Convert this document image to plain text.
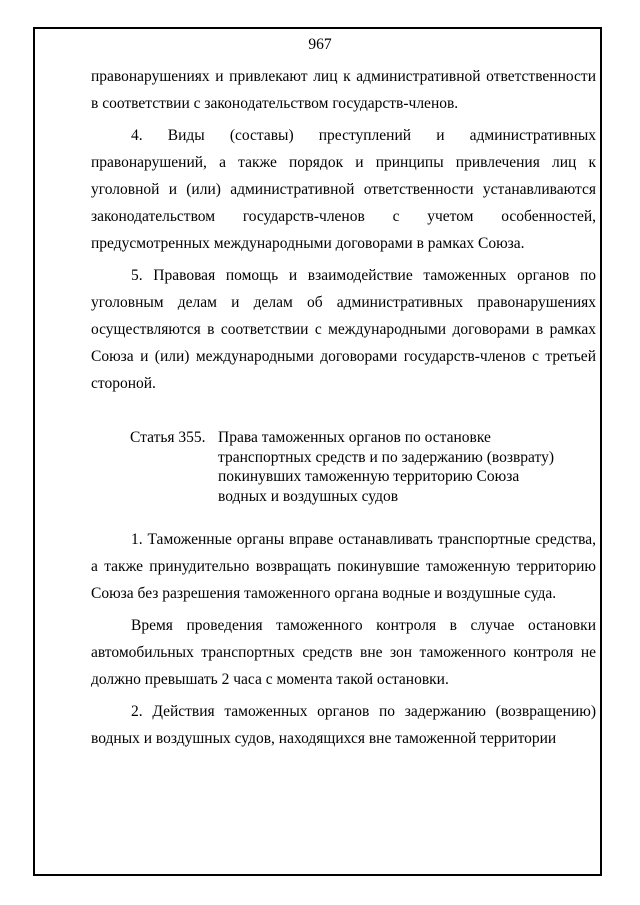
967

правонарушениях и привлекают лиц к административной ответственности в соответствии с законодательством государств-членов.

4. Виды (составы) преступлений и административных правонарушений, а также порядок и принципы привлечения лиц к уголовной и (или) административной ответственности устанавливаются законодательством государств-членов с учетом особенностей, предусмотренных международными договорами в рамках Союза.

5. Правовая помощь и взаимодействие таможенных органов по уголовным делам и делам об административных правонарушениях осуществляются в соответствии с международными договорами в рамках Союза и (или) международными договорами государств-членов с третьей стороной.

Статья 355. Права таможенных органов по остановке транспортных средств и по задержанию (возврату) покинувших таможенную территорию Союза водных и воздушных судов

1. Таможенные органы вправе останавливать транспортные средства, а также принудительно возвращать покинувшие таможенную территорию Союза без разрешения таможенного органа водные и воздушные суда.

Время проведения таможенного контроля в случае остановки автомобильных транспортных средств вне зон таможенного контроля не должно превышать 2 часа с момента такой остановки.

2. Действия таможенных органов по задержанию (возвращению) водных и воздушных судов, находящихся вне таможенной территории
